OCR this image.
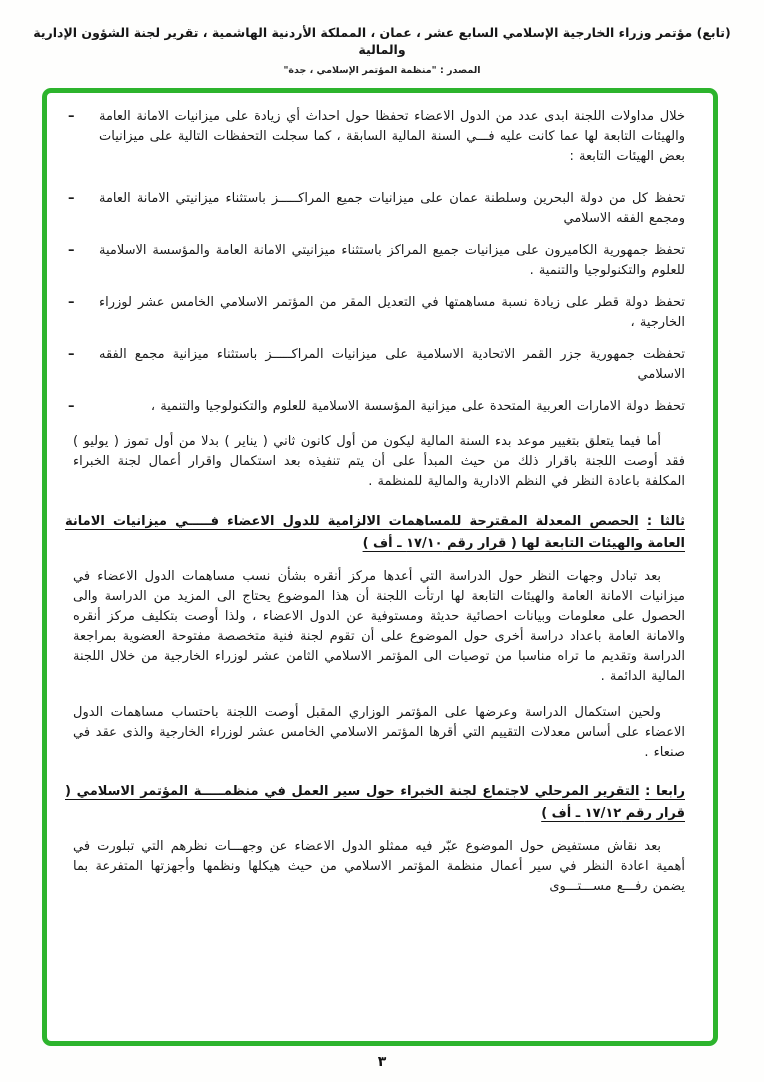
(تابع) مؤتمر وزراء الخارجية الإسلامي السابع عشر ، عمان ، المملكة الأردنية الهاشمية ، تقرير لجنة الشؤون الإدارية والمالية
المصدر : "منظمة المؤتمر الإسلامي ، جدة"
– خلال مداولات اللجنة ابدى عدد من الدول الاعضاء تحفظا حول احداث أي زيادة على ميزانيات الامانة العامة والهيئات التابعة لها عما كانت عليه فـــي السنة المالية السابقة ، كما سجلت التحفظات التالية على ميزانيات بعض الهيئات التابعة :

– تحفظ كل من دولة البحرين وسلطنة عمان على ميزانيات جميع المراكـــــز باستثناء ميزانيتي الامانة العامة ومجمع الفقه الاسلامي

– تحفظ جمهورية الكاميرون على ميزانيات جميع المراكز باستثناء ميزانيتي الامانة العامة والمؤسسة الاسلامية للعلوم والتكنولوجيا والتنمية .

– تحفظ دولة قطر على زيادة نسبة مساهمتها في التعديل المقر من المؤتمر الاسلامي الخامس عشر لوزراء الخارجية ،

– تحفظت جمهورية جزر القمر الاتحادية الاسلامية على ميزانيات المراكـــــز باستثناء ميزانية مجمع الفقه الاسلامي

–	تحفظ دولة الامارات العربية المتحدة على ميزانية المؤسسة الاسلامية للعلوم والتكنولوجيا والتنمية ،

أما فيما يتعلق بتغيير موعد بدء السنة المالية ليكون من أول كانون ثاني ( يناير ) بدلا من أول تموز ( يوليو ) فقد أوصت اللجنة باقرار ذلك من حيث المبدأ على أن يتم تنفيذه بعد استكمال واقرار أعمال لجنة الخبراء المكلفة باعادة النظر في النظم الادارية والمالية للمنظمة .

ثالثا : الحصص المعدلة المقترحة للمساهمات الالزامية للدول الاعضاء فـــــي ميزانيات الامانة العامة والهيئات التابعة لها ( قرار رقم ١٧/١٠ ـ أف )

بعد تبادل وجهات النظر حول الدراسة التي أعدها مركز أنقره بشأن نسب مساهمات الدول الاعضاء في ميزانيات الامانة العامة والهيئات التابعة لها ارتأت اللجنة أن هذا الموضوع يحتاج الى المزيد من الدراسة والى الحصول على معلومات وبيانات احصائية حديثة ومستوفية عن الدول الاعضاء ، ولذا أوصت بتكليف مركز أنقره والامانة العامة باعداد دراسة أخرى حول الموضوع على أن تقوم لجنة فنية متخصصة مفتوحة العضوية بمراجعة الدراسة وتقديم ما تراه مناسبا من توصيات الى المؤتمر الاسلامي الثامن عشر لوزراء الخارجية من خلال اللجنة المالية الدائمة .

ولحين استكمال الدراسة وعرضها على المؤتمر الوزاري المقبل أوصت اللجنة باحتساب مساهمات الدول الاعضاء على أساس معدلات التقييم التي أقرها المؤتمر الاسلامي الخامس عشر لوزراء الخارجية والذى عقد في صنعاء .

رابعا : التقرير المرحلي لاجتماع لجنة الخبراء حول سير العمل في منظمـــــة المؤتمر الاسلامي ( قرار رقم ١٧/١٢ ـ أف )

بعد نقاش مستفيض حول الموضوع عبّر فيه ممثلو الدول الاعضاء عن وجهـــات نظرهم التي تبلورت في أهمية اعادة النظر في سير أعمال منظمة المؤتمر الاسلامي من حيث هيكلها ونظمها وأجهزتها المتفرعة بما يضمن رفـــع مســـتـــوى

٣
